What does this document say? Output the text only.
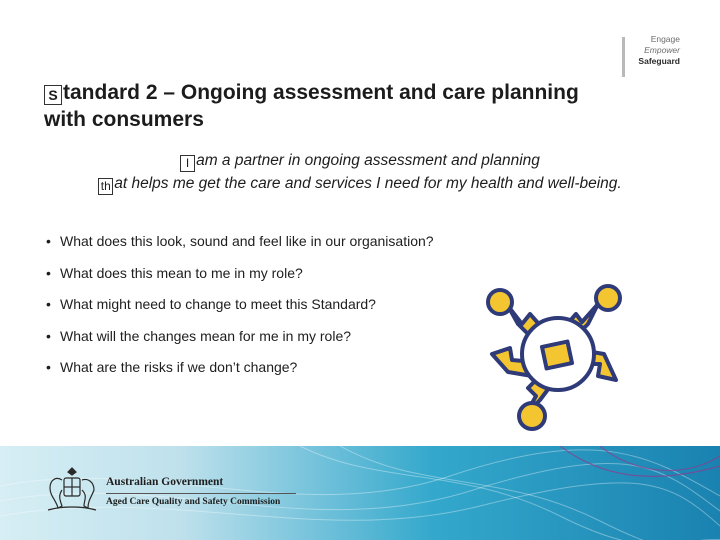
Engage
Empower
Safeguard
S tandard 2 – Ongoing assessment and care planning
with consumers
I am a partner in ongoing assessment and planning
th at helps me get the care and services I need for my health and well-being.
• What does this look, sound and feel like in our organisation?
• What does this mean to me in my role?
• What might need to change to meet this Standard?
• What will the changes mean for me in my role?
• What are the risks if we don’t change?
Australian Government
Aged Care Quality and Safety Commission
